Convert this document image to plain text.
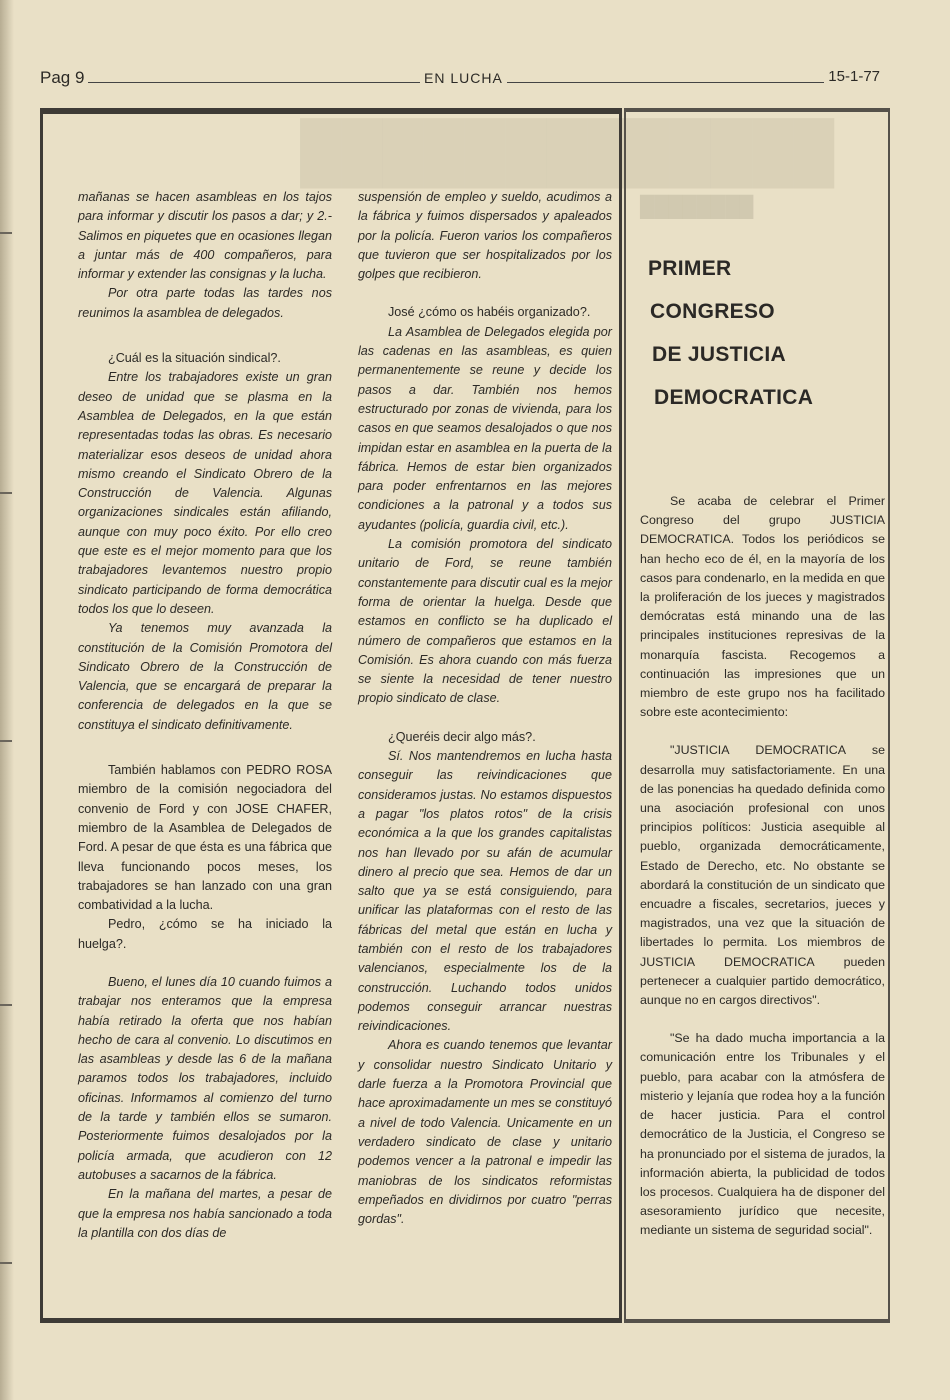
█████████████
████████
Pag 9	EN LUCHA	15-1-77

mañanas se hacen asambleas en los tajos para informar y discutir los pasos a dar; y 2.- Salimos en piquetes que en ocasiones llegan a juntar más de 400 compañeros, para informar y extender las consignas y la lucha.

Por otra parte todas las tardes nos reunimos la asamblea de delegados.

¿Cuál es la situación sindical?.

Entre los trabajadores existe un gran deseo de unidad que se plasma en la Asamblea de Delegados, en la que están representadas todas las obras. Es necesario materializar esos deseos de unidad ahora mismo creando el Sindicato Obrero de la Construcción de Valencia. Algunas organizaciones sindicales están afiliando, aunque con muy poco éxito. Por ello creo que este es el mejor momento para que los trabajadores levantemos nuestro propio sindicato participando de forma democrática todos los que lo deseen.

Ya tenemos muy avanzada la constitución de la Comisión Promotora del Sindicato Obrero de la Construcción de Valencia, que se encargará de preparar la conferencia de delegados en la que se constituya el sindicato definitivamente.

También hablamos con PEDRO ROSA miembro de la comisión negociadora del convenio de Ford y con JOSE CHAFER, miembro de la Asamblea de Delegados de Ford. A pesar de que ésta es una fábrica que lleva funcionando pocos meses, los trabajadores se han lanzado con una gran combatividad a la lucha.

Pedro, ¿cómo se ha iniciado la huelga?.

Bueno, el lunes día 10 cuando fuimos a trabajar nos enteramos que la empresa había retirado la oferta que nos habían hecho de cara al convenio. Lo discutimos en las asambleas y desde las 6 de la mañana paramos todos los trabajadores, incluido oficinas. Informamos al comienzo del turno de la tarde y también ellos se sumaron. Posteriormente fuimos desalojados por la policía armada, que acudieron con 12 autobuses a sacarnos de la fábrica.

En la mañana del martes, a pesar de que la empresa nos había sancionado a toda la plantilla con dos días de

suspensión de empleo y sueldo, acudimos a la fábrica y fuimos dispersados y apaleados por la policía. Fueron varios los compañeros que tuvieron que ser hospitalizados por los golpes que recibieron.

José ¿cómo os habéis organizado?.

La Asamblea de Delegados elegida por las cadenas en las asambleas, es quien permanentemente se reune y decide los pasos a dar. También nos hemos estructurado por zonas de vivienda, para los casos en que seamos desalojados o que nos impidan estar en asamblea en la puerta de la fábrica. Hemos de estar bien organizados para poder enfrentarnos en las mejores condiciones a la patronal y a todos sus ayudantes (policía, guardia civil, etc.).

La comisión promotora del sindicato unitario de Ford, se reune también constantemente para discutir cual es la mejor forma de orientar la huelga. Desde que estamos en conflicto se ha duplicado el número de compañeros que estamos en la Comisión. Es ahora cuando con más fuerza se siente la necesidad de tener nuestro propio sindicato de clase.

¿Queréis decir algo más?.

Sí. Nos mantendremos en lucha hasta conseguir las reivindicaciones que consideramos justas. No estamos dispuestos a pagar "los platos rotos" de la crisis económica a la que los grandes capitalistas nos han llevado por su afán de acumular dinero al precio que sea. Hemos de dar un salto que ya se está consiguiendo, para unificar las plataformas con el resto de las fábricas del metal que están en lucha y también con el resto de los trabajadores valencianos, especialmente los de la construcción. Luchando todos unidos podemos conseguir arrancar nuestras reivindicaciones.

Ahora es cuando tenemos que levantar y consolidar nuestro Sindicato Unitario y darle fuerza a la Promotora Provincial que hace aproximadamente un mes se constituyó a nivel de todo Valencia. Unicamente en un verdadero sindicato de clase y unitario podemos vencer a la patronal e impedir las maniobras de los sindicatos reformistas empeñados en dividirnos por cuatro "perras gordas".

PRIMER
CONGRESO
DE JUSTICIA
DEMOCRATICA

Se acaba de celebrar el Primer Congreso del grupo JUSTICIA DEMOCRATICA. Todos los periódicos se han hecho eco de él, en la mayoría de los casos para condenarlo, en la medida en que la proliferación de los jueces y magistrados demócratas está minando una de las principales instituciones represivas de la monarquía fascista. Recogemos a continuación las impresiones que un miembro de este grupo nos ha facilitado sobre este acontecimiento:

"JUSTICIA DEMOCRATICA se desarrolla muy satisfactoriamente. En una de las ponencias ha quedado definida como una asociación profesional con unos principios políticos: Justicia asequible al pueblo, organizada democráticamente, Estado de Derecho, etc. No obstante se abordará la constitución de un sindicato que encuadre a fiscales, secretarios, jueces y magistrados, una vez que la situación de libertades lo permita. Los miembros de JUSTICIA DEMOCRATICA pueden pertenecer a cualquier partido democrático, aunque no en cargos directivos".

"Se ha dado mucha importancia a la comunicación entre los Tribunales y el pueblo, para acabar con la atmósfera de misterio y lejanía que rodea hoy a la función de hacer justicia. Para el control democrático de la Justicia, el Congreso se ha pronunciado por el sistema de jurados, la información abierta, la publicidad de todos los procesos. Cualquiera ha de disponer del asesoramiento jurídico que necesite, mediante un sistema de seguridad social".
